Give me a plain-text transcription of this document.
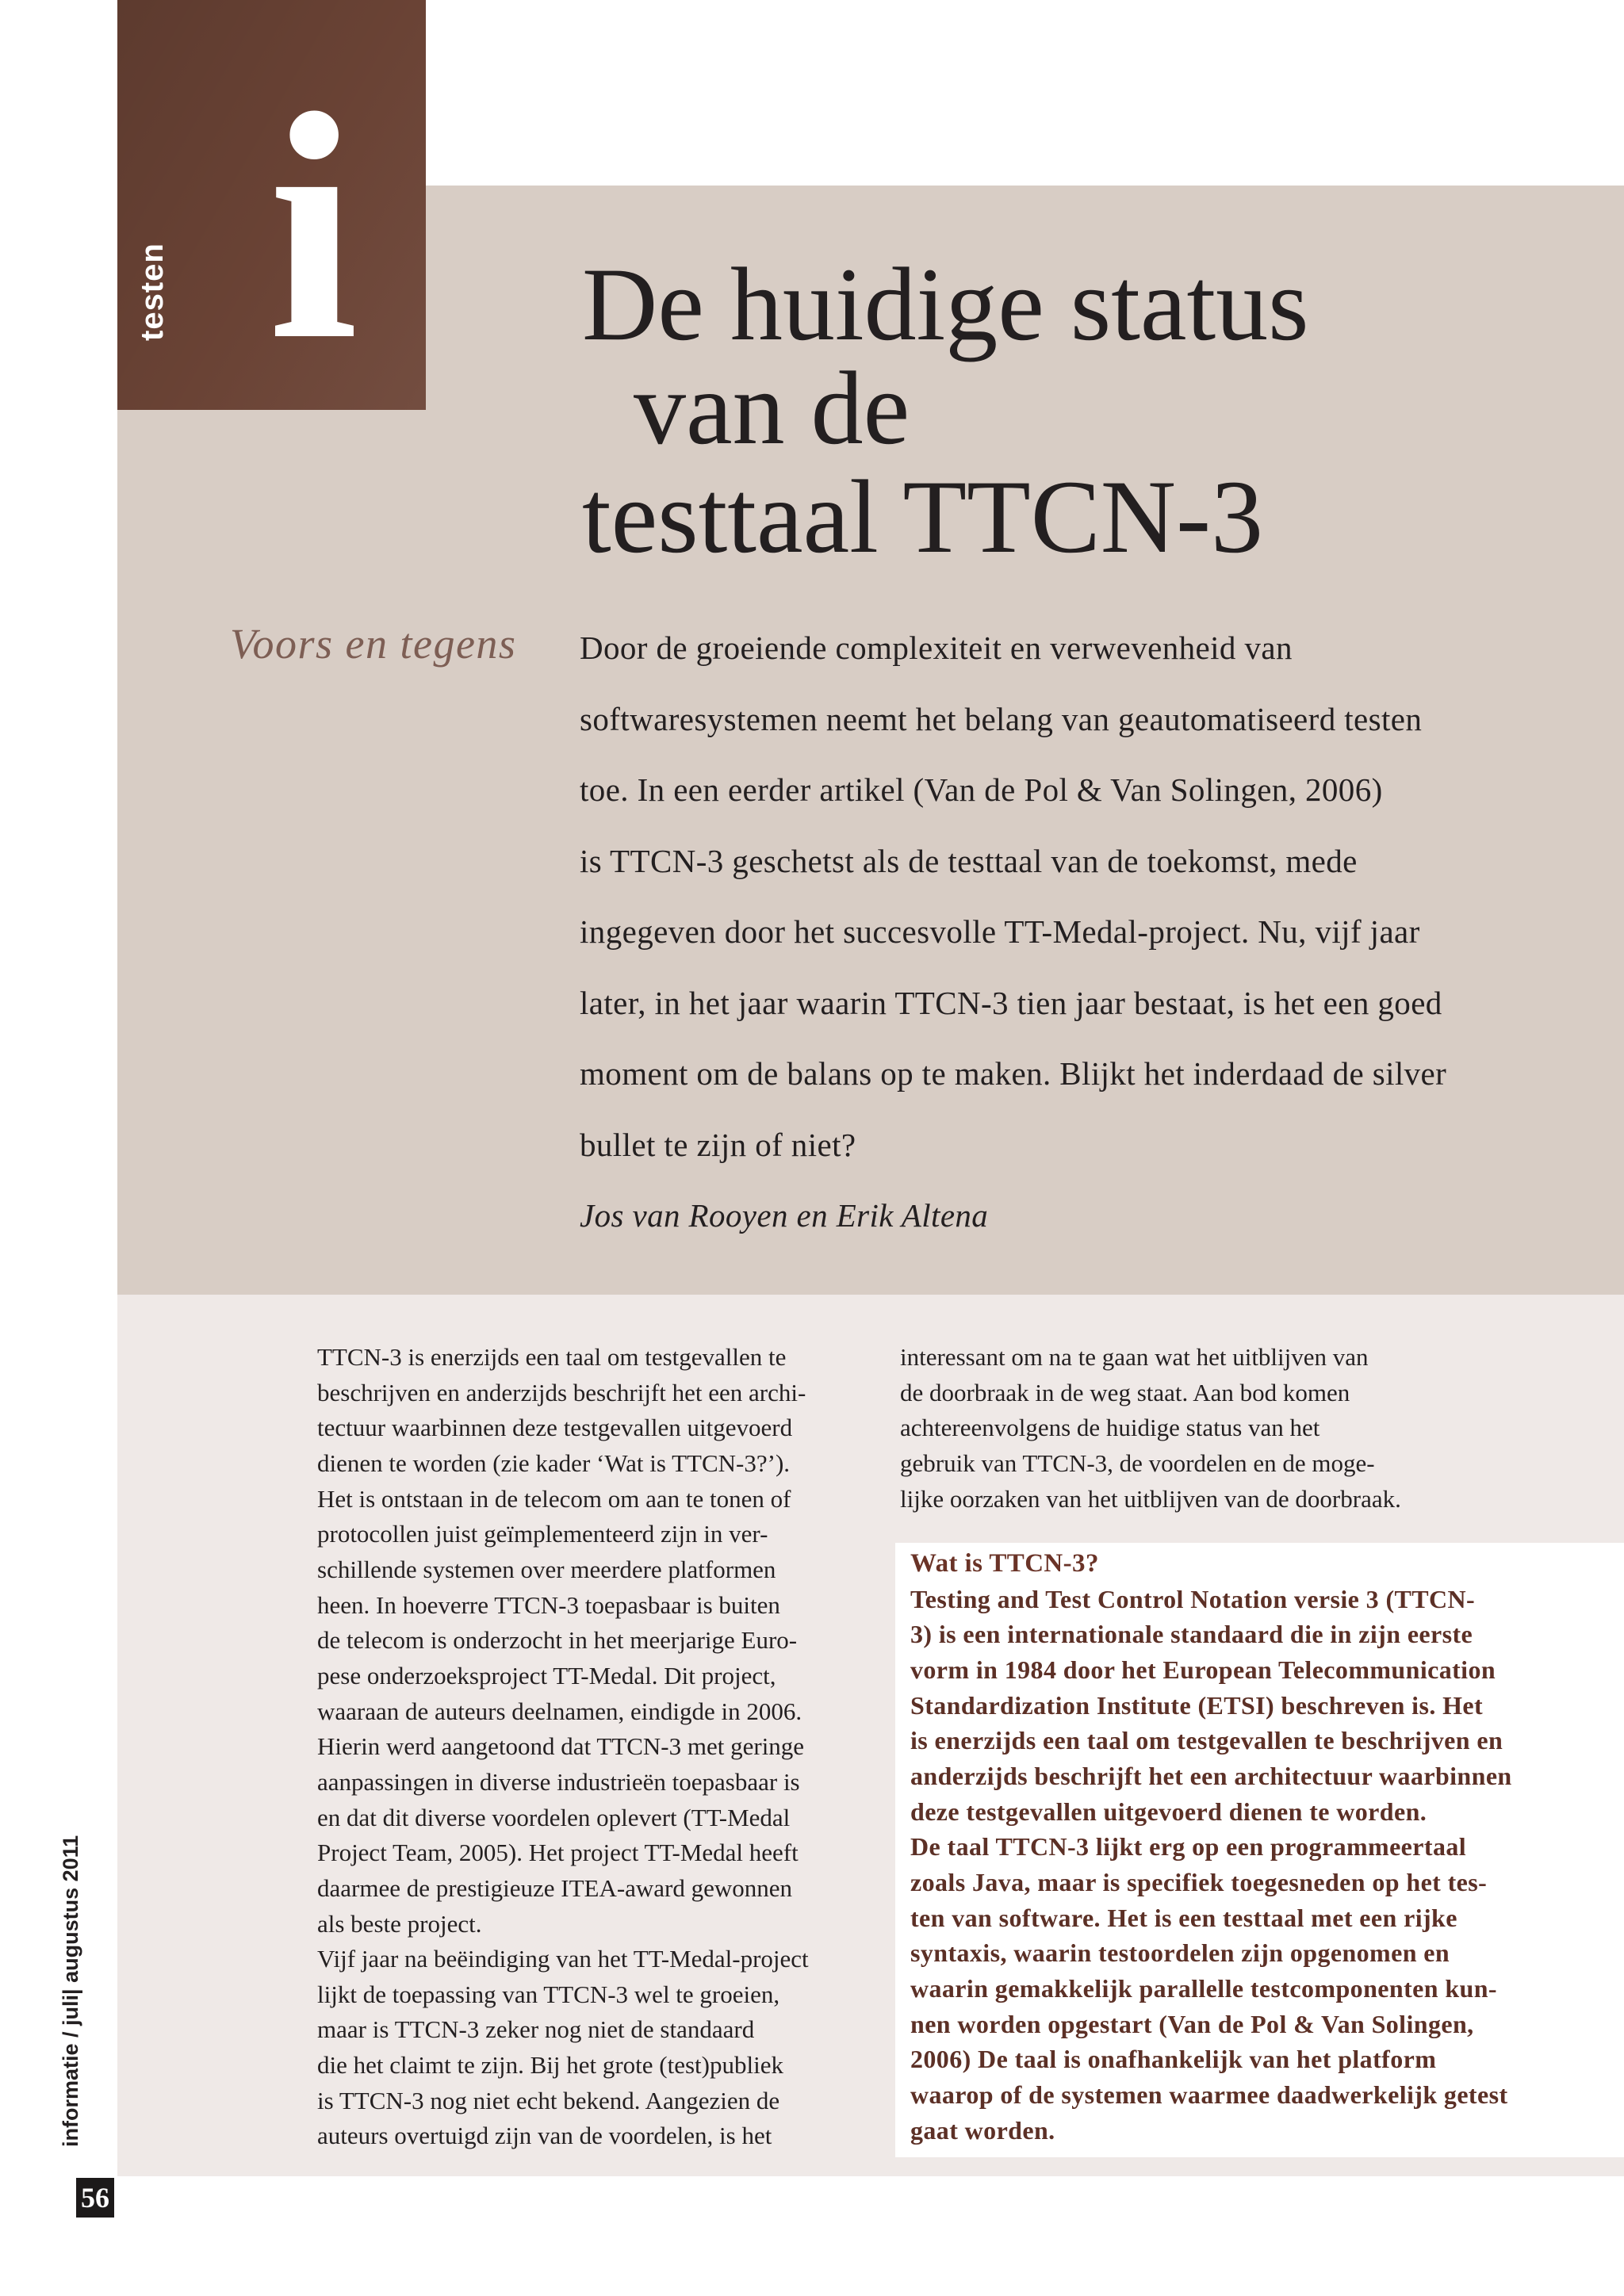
testen i De huidige status
van de
testtaal TTCN-3
Voors en tegens Door de groeiende complexiteit en verwevenheid van
softwaresystemen neemt het belang van geautomatiseerd testen
toe. In een eerder artikel (Van de Pol & Van Solingen, 2006)
is TTCN-3 geschetst als de testtaal van de toekomst, mede
ingegeven door het succesvolle TT-Medal-project. Nu, vijf jaar
later, in het jaar waarin TTCN-3 tien jaar bestaat, is het een goed
moment om de balans op te maken. Blijkt het inderdaad de silver
bullet te zijn of niet?
Jos van Rooyen en Erik Altena
TTCN-3 is enerzijds een taal om testgevallen te
beschrijven en anderzijds beschrijft het een archi-
tectuur waarbinnen deze testgevallen uitgevoerd
dienen te worden (zie kader ‘Wat is TTCN-3?’).
Het is ontstaan in de telecom om aan te tonen of
protocollen juist geïmplementeerd zijn in ver-
schillende systemen over meerdere platformen
heen. In hoeverre TTCN-3 toepasbaar is buiten
de telecom is onderzocht in het meerjarige Euro-
pese onderzoeksproject TT-Medal. Dit project,
waaraan de auteurs deelnamen, eindigde in 2006.
Hierin werd aangetoond dat TTCN-3 met geringe
aanpassingen in diverse industrieën toepasbaar is
en dat dit diverse voordelen oplevert (TT-Medal
Project Team, 2005). Het project TT-Medal heeft
daarmee de prestigieuze ITEA-award gewonnen
als beste project.
Vijf jaar na beëindiging van het TT-Medal-project
lijkt de toepassing van TTCN-3 wel te groeien,
maar is TTCN-3 zeker nog niet de standaard
die het claimt te zijn. Bij het grote (test)publiek
is TTCN-3 nog niet echt bekend. Aangezien de
auteurs overtuigd zijn van de voordelen, is het
interessant om na te gaan wat het uitblijven van
de doorbraak in de weg staat. Aan bod komen
achtereenvolgens de huidige status van het
gebruik van TTCN-3, de voordelen en de moge-
lijke oorzaken van het uitblijven van de doorbraak.
Wat is TTCN-3?
Testing and Test Control Notation versie 3 (TTCN-
3) is een internationale standaard die in zijn eerste
vorm in 1984 door het European Telecommunication
Standardization Institute (ETSI) beschreven is. Het
is enerzijds een taal om testgevallen te beschrijven en
anderzijds beschrijft het een architectuur waarbinnen
deze testgevallen uitgevoerd dienen te worden.
De taal TTCN-3 lijkt erg op een programmeertaal
zoals Java, maar is specifiek toegesneden op het tes-
ten van software. Het is een testtaal met een rijke
syntaxis, waarin testoordelen zijn opgenomen en
waarin gemakkelijk parallelle testcomponenten kun-
nen worden opgestart (Van de Pol & Van Solingen,
2006) De taal is onafhankelijk van het platform
waarop of de systemen waarmee daadwerkelijk getest
gaat worden.
informatie / juli| augustus 2011
56
